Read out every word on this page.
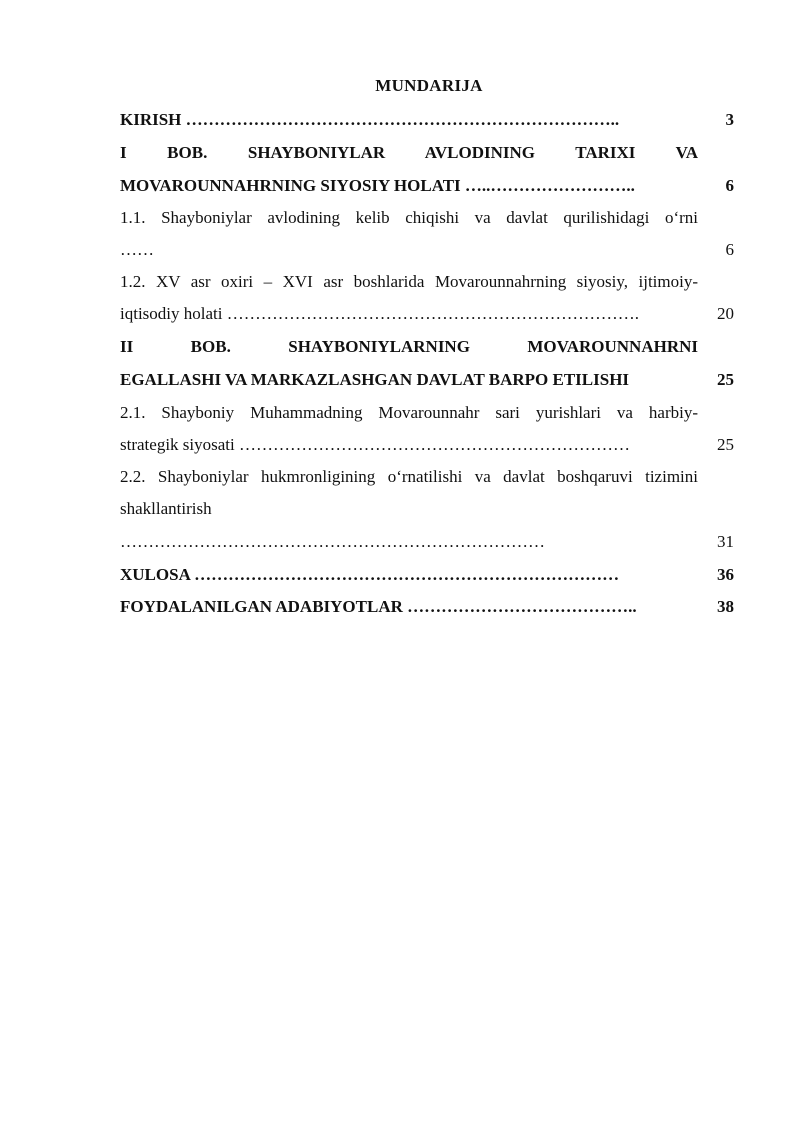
MUNDARIJA
KIRISH …………………………………………………………………..	3
I BOB. SHAYBONIYLAR AVLODINING TARIXI VA
MOVAROUNNAHRNING SIYOSIY HOLATI …..……………………..	6
1.1. Shayboniylar avlodining kelib chiqishi va davlat qurilishidagi o‘rni
……	6
1.2. XV asr oxiri – XVI asr boshlarida Movarounnahrning siyosiy, ijtimoiy-
iqtisodiy holati ……………………………………………………………….	20
II BOB. SHAYBONIYLARNING MOVAROUNNAHRNI
EGALLASHI VA MARKAZLASHGAN DAVLAT BARPO ETILISHI	25
2.1. Shayboniy Muhammadning Movarounnahr sari yurishlari va harbiy-
strategik siyosati ……………………………………………………………	25
2.2. Shayboniylar hukmronligining o‘rnatilishi va davlat boshqaruvi tizimini
shakllantirish
…………………………………………………………………	31
XULOSA …………………………………………………………………	36
FOYDALANILGAN ADABIYOTLAR …………………………………..	38
